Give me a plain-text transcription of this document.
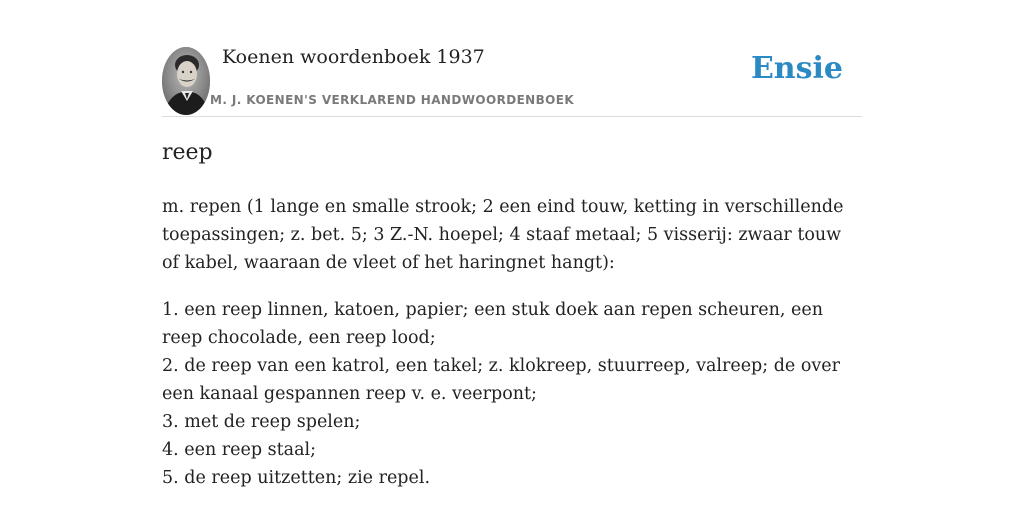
Koenen woordenboek 1937
M. J. KOENEN'S VERKLAREND HANDWOORDENBOEK
Ensie
reep
m. repen (1 lange en smalle strook; 2 een eind touw, ketting in verschillende toepassingen; z. bet. 5; 3 Z.-N. hoepel; 4 staaf metaal; 5 visserij: zwaar touw of kabel, waaraan de vleet of het haringnet hangt):
1. een reep linnen, katoen, papier; een stuk doek aan repen scheuren, een reep chocolade, een reep lood;
2. de reep van een katrol, een takel; z. klokreep, stuurreep, valreep; de over een kanaal gespannen reep v. e. veerpont;
3. met de reep spelen;
4. een reep staal;
5. de reep uitzetten; zie repel.
